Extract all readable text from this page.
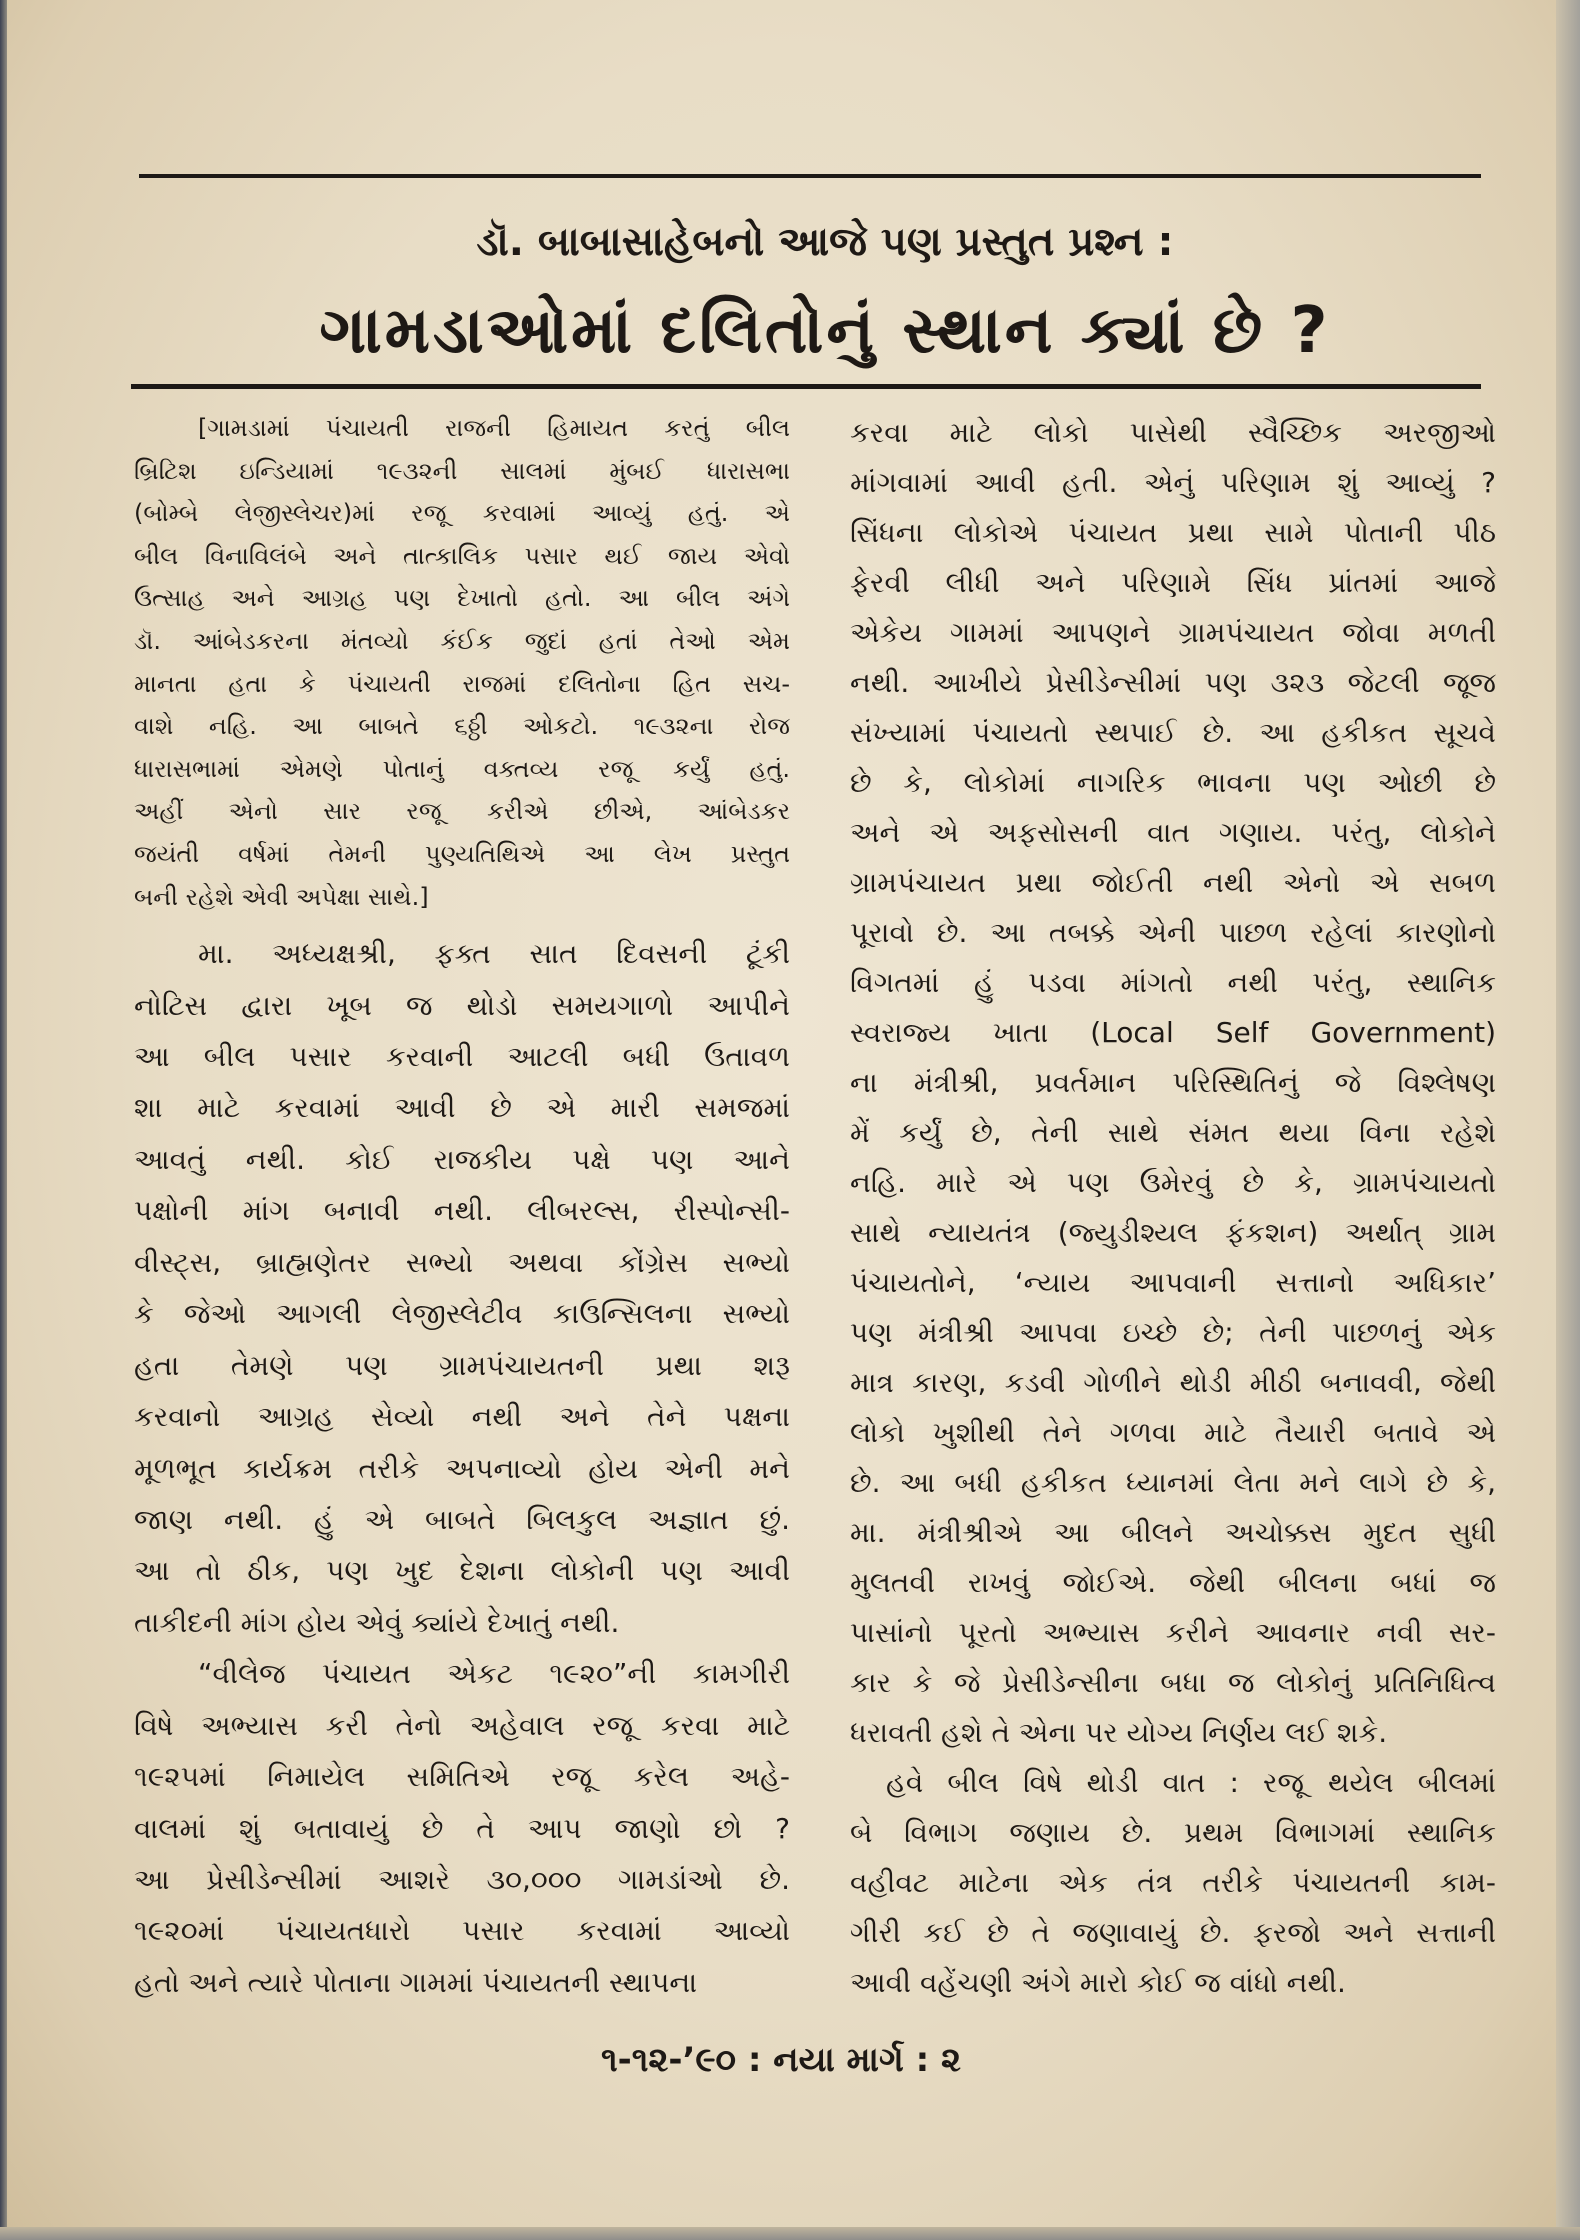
ડૉ. બાબાસાહેબનો આજે પણ પ્રસ્તુત પ્રશ્ન :
ગામડાઓમાં દલિતોનું સ્થાન ક્યાં છે ?
[ગામડામાં પંચાયતી રાજની હિમાયત કરતું બીલ
બ્રિટિશ ઇન્ડિયામાં ૧૯૩૨ની સાલમાં મુંબઈ ધારાસભા
(બોમ્બે લેજીસ્લેચર)માં રજૂ કરવામાં આવ્યું હતું. એ
બીલ વિનાવિલંબે અને તાત્કાલિક પસાર થઈ જાય એવો
ઉત્સાહ અને આગ્રહ પણ દેખાતો હતો. આ બીલ અંગે
ડૉ. આંબેડકરના મંતવ્યો કંઈક જુદાં હતાં તેઓ એમ
માનતા હતા કે પંચાયતી રાજમાં દલિતોના હિત સચ-
વાશે નહિ. આ બાબતે ૬ઠ્ઠી ઓકટો. ૧૯૩૨ના રોજ
ધારાસભામાં એમણે પોતાનું વક્તવ્ય રજૂ કર્યું હતું.
અહીં એનો સાર રજૂ કરીએ છીએ, આંબેડકર
જયંતી વર્ષમાં તેમની પુણ્યતિથિએ આ લેખ પ્રસ્તુત
બની રહેશે એવી અપેક્ષા સાથે.]
મા. અધ્યક્ષશ્રી, ફક્ત સાત દિવસની ટૂંકી
નોટિસ દ્વારા ખૂબ જ થોડો સમયગાળો આપીને
આ બીલ પસાર કરવાની આટલી બધી ઉતાવળ
શા માટે કરવામાં આવી છે એ મારી સમજમાં
આવતું નથી. કોઈ રાજકીય પક્ષે પણ આને
પક્ષોની માંગ બનાવી નથી. લીબરલ્સ, રીસ્પોન્સી-
વીસ્ટ્સ, બ્રાહ્મણેતર સભ્યો અથવા કોંગ્રેસ સભ્યો
કે જેઓ આગલી લેજીસ્લેટીવ કાઉન્સિલના સભ્યો
હતા તેમણે પણ ગ્રામપંચાયતની પ્રથા શરૂ
કરવાનો આગ્રહ સેવ્યો નથી અને તેને પક્ષના
મૂળભૂત કાર્યક્રમ તરીકે અપનાવ્યો હોય એની મને
જાણ નથી. હું એ બાબતે બિલકુલ અજ્ઞાત છું.
આ તો ઠીક, પણ ખુદ દેશના લોકોની પણ આવી
તાકીદની માંગ હોય એવું ક્યાંયે દેખાતું નથી.
“વીલેજ પંચાયત એકટ ૧૯૨૦”ની કામગીરી
વિષે અભ્યાસ કરી તેનો અહેવાલ રજૂ કરવા માટે
૧૯૨૫માં નિમાયેલ સમિતિએ રજૂ કરેલ અહે-
વાલમાં શું બતાવાયું છે તે આપ જાણો છો ?
આ પ્રેસીડેન્સીમાં આશરે ૩૦,૦૦૦ ગામડાંઓ છે.
૧૯૨૦માં પંચાયતધારો પસાર કરવામાં આવ્યો
હતો અને ત્યારે પોતાના ગામમાં પંચાયતની સ્થાપના
કરવા માટે લોકો પાસેથી સ્વૈચ્છિક અરજીઓ
માંગવામાં આવી હતી. એનું પરિણામ શું આવ્યું ?
સિંધના લોકોએ પંચાયત પ્રથા સામે પોતાની પીઠ
ફેરવી લીધી અને પરિણામે સિંધ પ્રાંતમાં આજે
એકેય ગામમાં આપણને ગ્રામપંચાયત જોવા મળતી
નથી. આખીયે પ્રેસીડેન્સીમાં પણ ૩૨૩ જેટલી જૂજ
સંખ્યામાં પંચાયતો સ્થપાઈ છે. આ હકીકત સૂચવે
છે કે, લોકોમાં નાગરિક ભાવના પણ ઓછી છે
અને એ અફસોસની વાત ગણાય. પરંતુ, લોકોને
ગ્રામપંચાયત પ્રથા જોઈતી નથી એનો એ સબળ
પૂરાવો છે. આ તબક્કે એની પાછળ રહેલાં કારણોનો
વિગતમાં હું પડવા માંગતો નથી પરંતુ, સ્થાનિક
સ્વરાજ્ય ખાતા (Local Self Government)
ના મંત્રીશ્રી, પ્રવર્તમાન પરિસ્થિતિનું જે વિશ્લેષણ
મેં કર્યું છે, તેની સાથે સંમત થયા વિના રહેશે
નહિ. મારે એ પણ ઉમેરવું છે કે, ગ્રામપંચાયતો
સાથે ન્યાયતંત્ર (જ્યુડીશ્યલ ફંકશન) અર્થાત્ ગ્રામ
પંચાયતોને, ‘ન્યાય આપવાની સત્તાનો અધિકાર’
પણ મંત્રીશ્રી આપવા ઇચ્છે છે; તેની પાછળનું એક
માત્ર કારણ, કડવી ગોળીને થોડી મીઠી બનાવવી, જેથી
લોકો ખુશીથી તેને ગળવા માટે તૈયારી બતાવે એ
છે. આ બધી હકીકત ધ્યાનમાં લેતા મને લાગે છે કે,
મા. મંત્રીશ્રીએ આ બીલને અચોક્કસ મુદત સુધી
મુલતવી રાખવું જોઈએ. જેથી બીલના બધાં જ
પાસાંનો પૂરતો અભ્યાસ કરીને આવનાર નવી સર-
કાર કે જે પ્રેસીડેન્સીના બધા જ લોકોનું પ્રતિનિધિત્વ
ધરાવતી હશે તે એના પર યોગ્ય નિર્ણય લઈ શકે.
હવે બીલ વિષે થોડી વાત : રજૂ થયેલ બીલમાં
બે વિભાગ જણાય છે. પ્રથમ વિભાગમાં સ્થાનિક
વહીવટ માટેના એક તંત્ર તરીકે પંચાયતની કામ-
ગીરી કઈ છે તે જણાવાયું છે. ફરજો અને સત્તાની
આવી વહેંચણી અંગે મારો કોઈ જ વાંધો નથી.
૧-૧૨-’૯૦ : નયા માર્ગ : ૨
